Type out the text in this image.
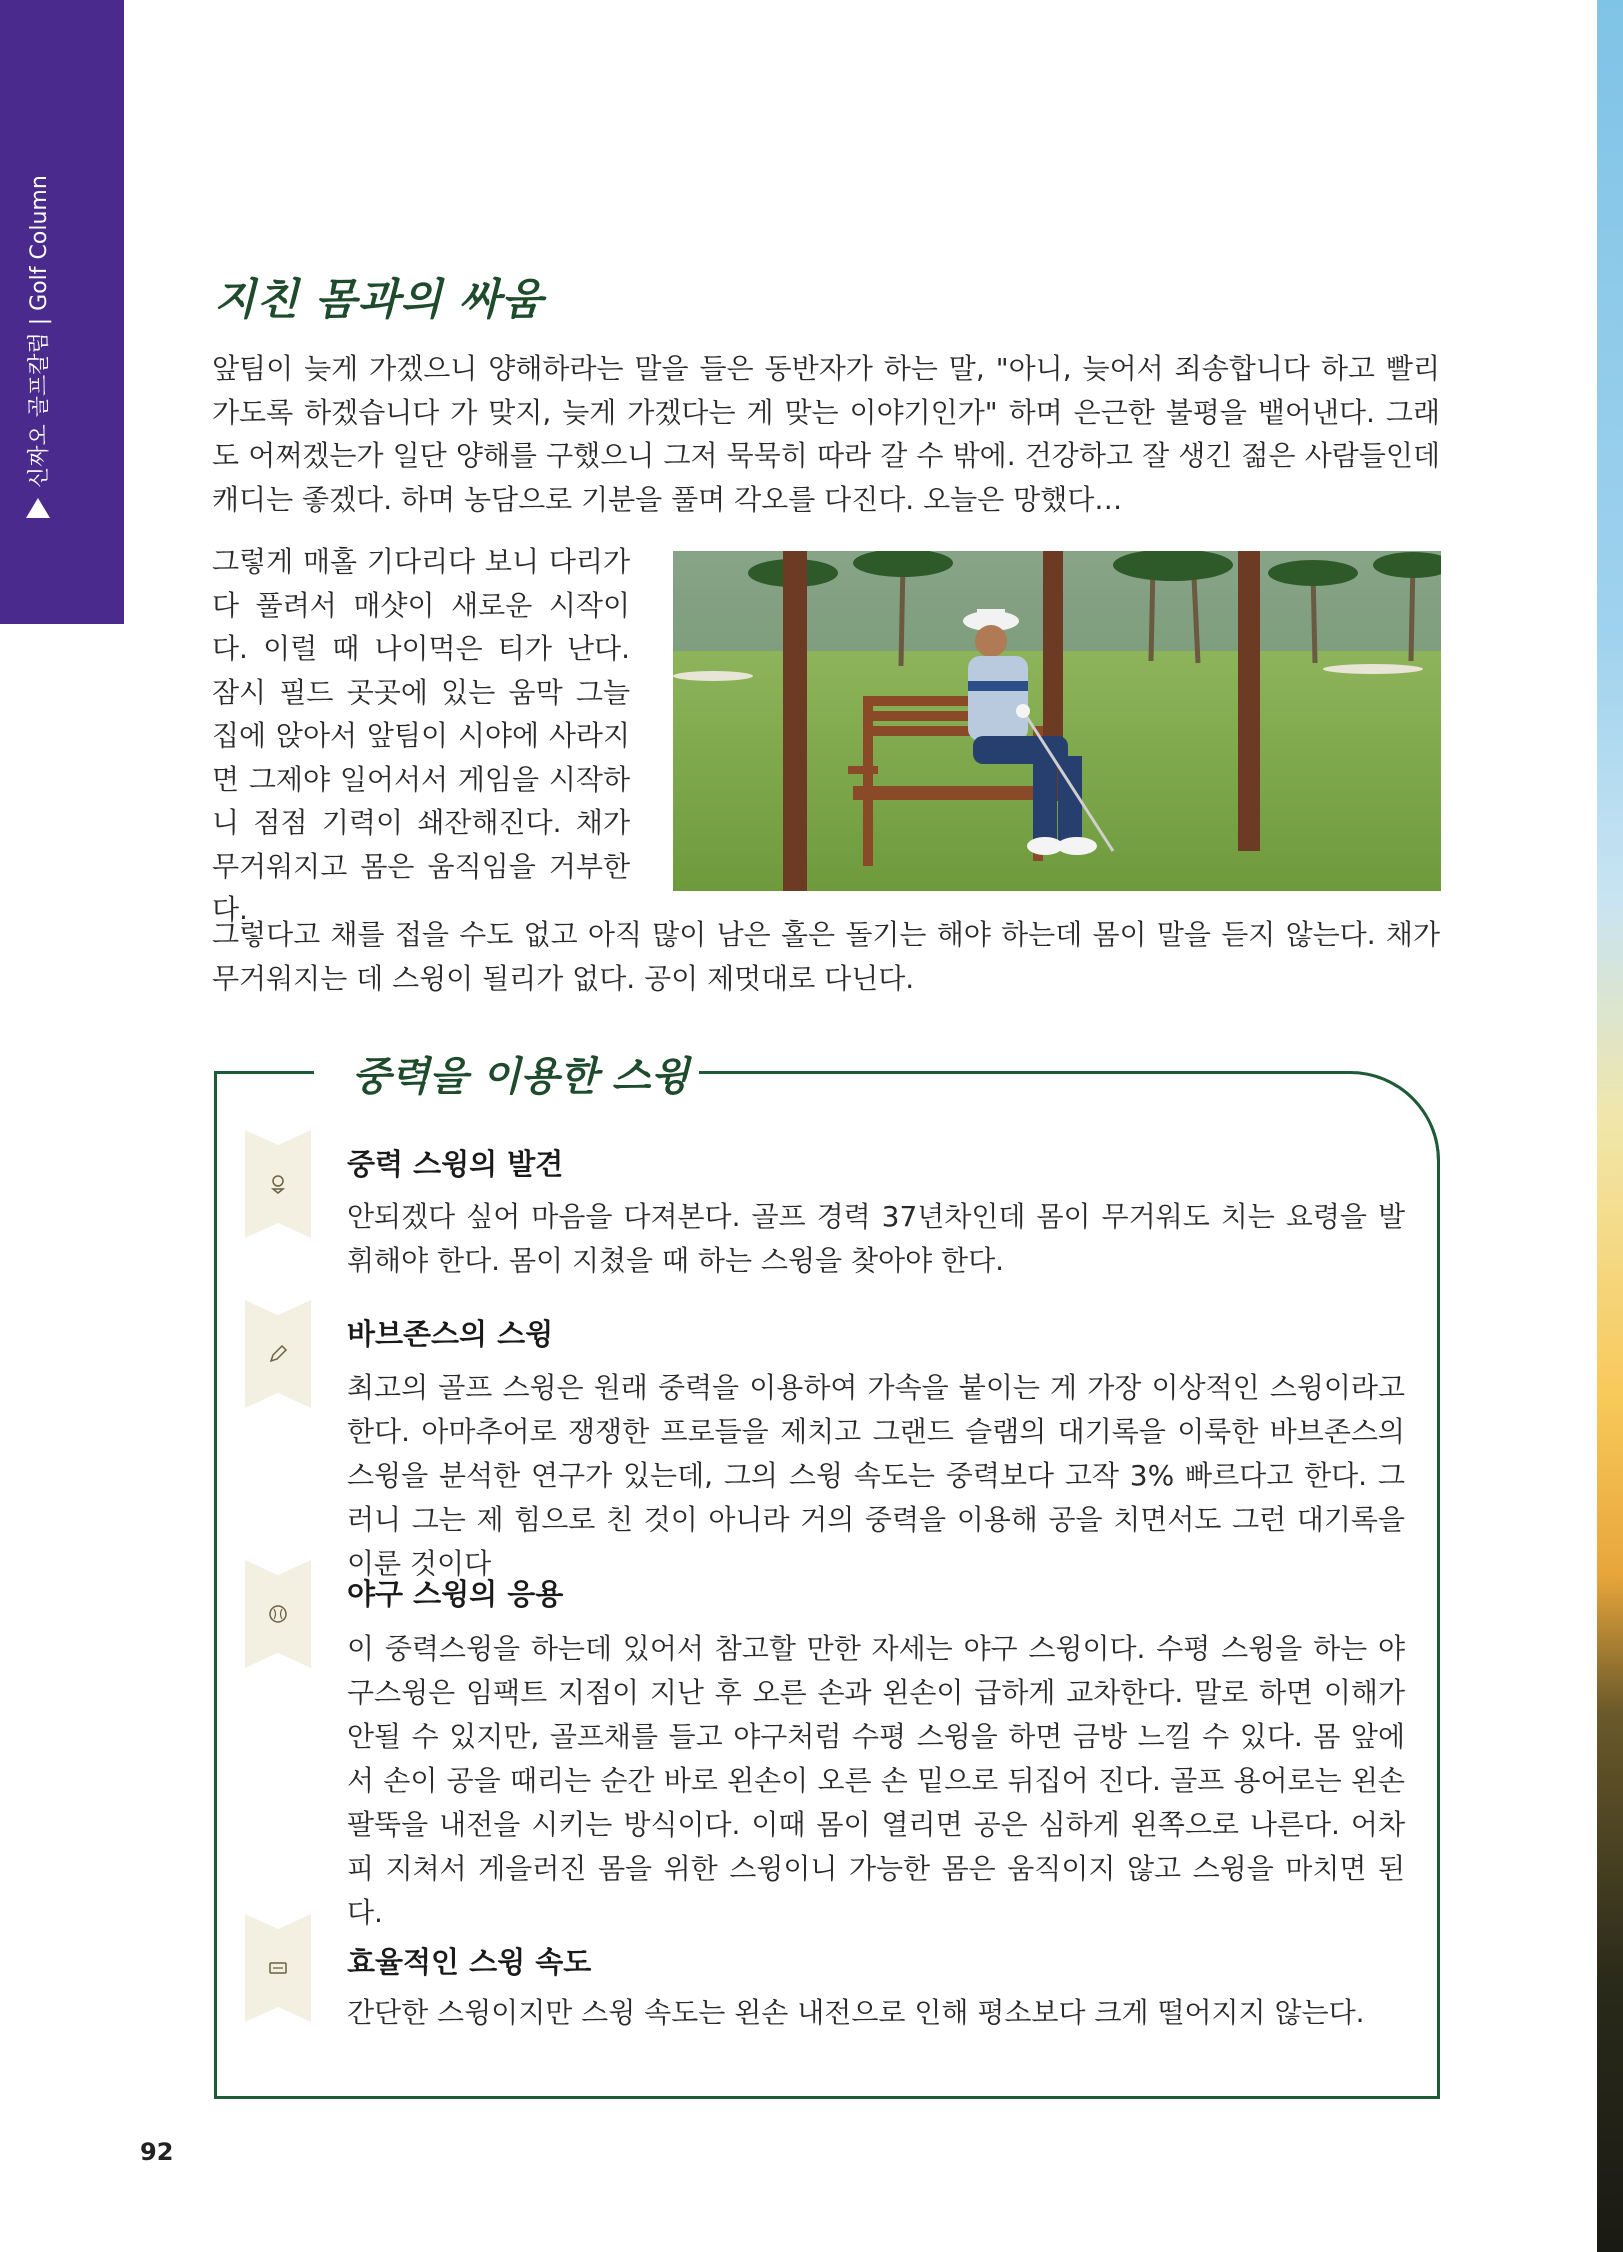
신짜오 골프칼럼 | Golf Column	지친 몸과의 싸움

앞팀이 늦게 가겠으니 양해하라는 말을 들은 동반자가 하는 말, "아니, 늦어서 죄송합니다 하고 빨리 가도록 하겠습니다 가 맞지, 늦게 가겠다는 게 맞는 이야기인가" 하며 은근한 불평을 뱉어낸다. 그래도 어쩌겠는가 일단 양해를 구했으니 그저 묵묵히 따라 갈 수 밖에. 건강하고 잘 생긴 젊은 사람들인데 캐디는 좋겠다. 하며 농담으로 기분을 풀며 각오를 다진다. 오늘은 망했다…

그렇게 매홀 기다리다 보니 다리가 다 풀려서 매샷이 새로운 시작이다. 이럴 때 나이먹은 티가 난다. 잠시 필드 곳곳에 있는 움막 그늘집에 앉아서 앞팀이 시야에 사라지면 그제야 일어서서 게임을 시작하니 점점 기력이 쇄잔해진다. 채가 무거워지고 몸은 움직임을 거부한다.

그렇다고 채를 접을 수도 없고 아직 많이 남은 홀은 돌기는 해야 하는데 몸이 말을 듣지 않는다. 채가 무거워지는 데 스윙이 될리가 없다. 공이 제멋대로 다닌다.

중력을 이용한 스윙
중력 스윙의 발견

안되겠다 싶어 마음을 다져본다. 골프 경력 37년차인데 몸이 무거워도 치는 요령을 발휘해야 한다. 몸이 지쳤을 때 하는 스윙을 찾아야 한다.

바브존스의 스윙

최고의 골프 스윙은 원래 중력을 이용하여 가속을 붙이는 게 가장 이상적인 스윙이라고 한다. 아마추어로 쟁쟁한 프로들을 제치고 그랜드 슬램의 대기록을 이룩한 바브존스의 스윙을 분석한 연구가 있는데, 그의 스윙 속도는 중력보다 고작 3% 빠르다고 한다. 그러니 그는 제 힘으로 친 것이 아니라 거의 중력을 이용해 공을 치면서도 그런 대기록을 이룬 것이다

야구 스윙의 응용

이 중력스윙을 하는데 있어서 참고할 만한 자세는 야구 스윙이다. 수평 스윙을 하는 야구스윙은 임팩트 지점이 지난 후 오른 손과 왼손이 급하게 교차한다. 말로 하면 이해가 안될 수 있지만, 골프채를 들고 야구처럼 수평 스윙을 하면 금방 느낄 수 있다. 몸 앞에서 손이 공을 때리는 순간 바로 왼손이 오른 손 밑으로 뒤집어 진다. 골프 용어로는 왼손 팔뚝을 내전을 시키는 방식이다. 이때 몸이 열리면 공은 심하게 왼쪽으로 나른다. 어차피 지쳐서 게을러진 몸을 위한 스윙이니 가능한 몸은 움직이지 않고 스윙을 마치면 된다.

효율적인 스윙 속도

간단한 스윙이지만 스윙 속도는 왼손 내전으로 인해 평소보다 크게 떨어지지 않는다.

92
